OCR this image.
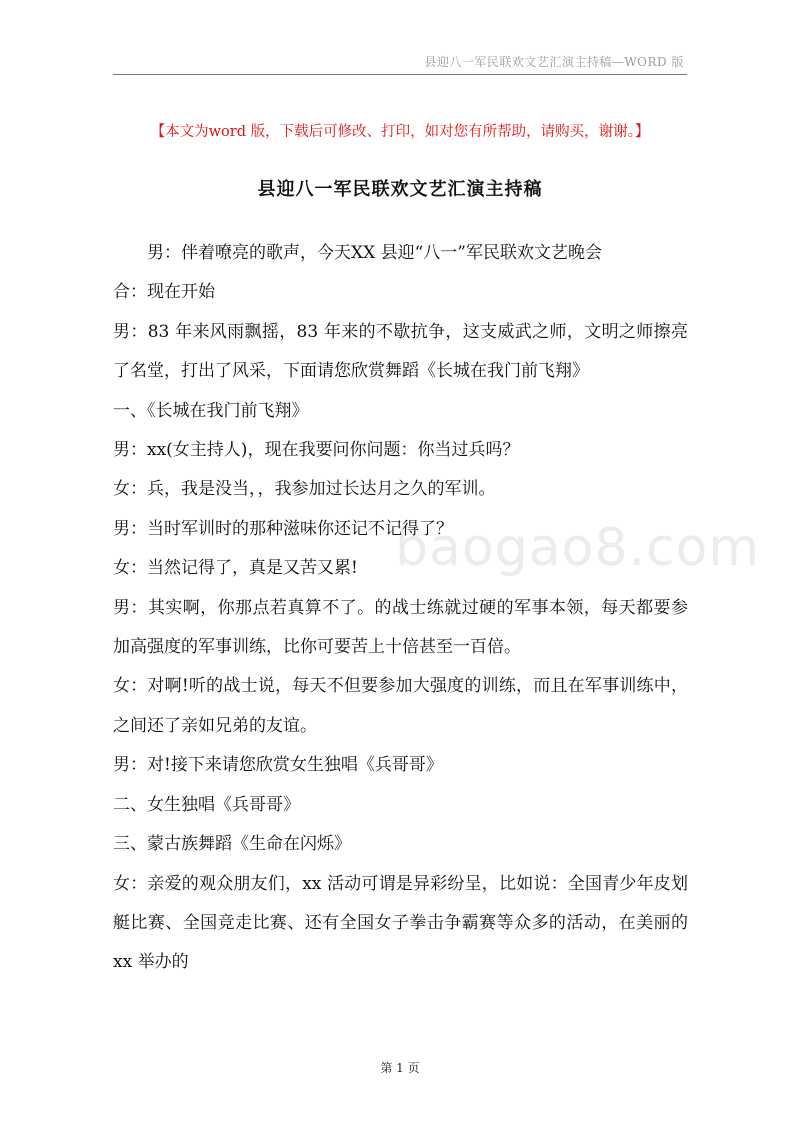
县迎八一军民联欢文艺汇演主持稿—WORD 版
【本文为word 版，下载后可修改、打印，如对您有所帮助，请购买，谢谢。】
县迎八一军民联欢文艺汇演主持稿
baogao8.com

男：伴着嘹亮的歌声，今天XX 县迎“八一”军民联欢文艺晚会

合：现在开始

男：83 年来风雨飘摇，83 年来的不歇抗争，这支威武之师，文明之师擦亮了名堂，打出了风采，下面请您欣赏舞蹈《长城在我门前飞翔》

一、《长城在我门前飞翔》

男：xx(女主持人)，现在我要问你问题：你当过兵吗？

女：兵，我是没当，，我参加过长达月之久的军训。

男：当时军训时的那种滋味你还记不记得了？

女：当然记得了，真是又苦又累!

男：其实啊，你那点若真算不了。的战士练就过硬的军事本领，每天都要参加高强度的军事训练，比你可要苦上十倍甚至一百倍。

女：对啊!听的战士说，每天不但要参加大强度的训练，而且在军事训练中，之间还了亲如兄弟的友谊。

男：对!接下来请您欣赏女生独唱《兵哥哥》

二、女生独唱《兵哥哥》

三、蒙古族舞蹈《生命在闪烁》

女：亲爱的观众朋友们，xx 活动可谓是异彩纷呈，比如说：全国青少年皮划艇比赛、全国竞走比赛、还有全国女子拳击争霸赛等众多的活动，在美丽的xx 举办的

第 1 页
